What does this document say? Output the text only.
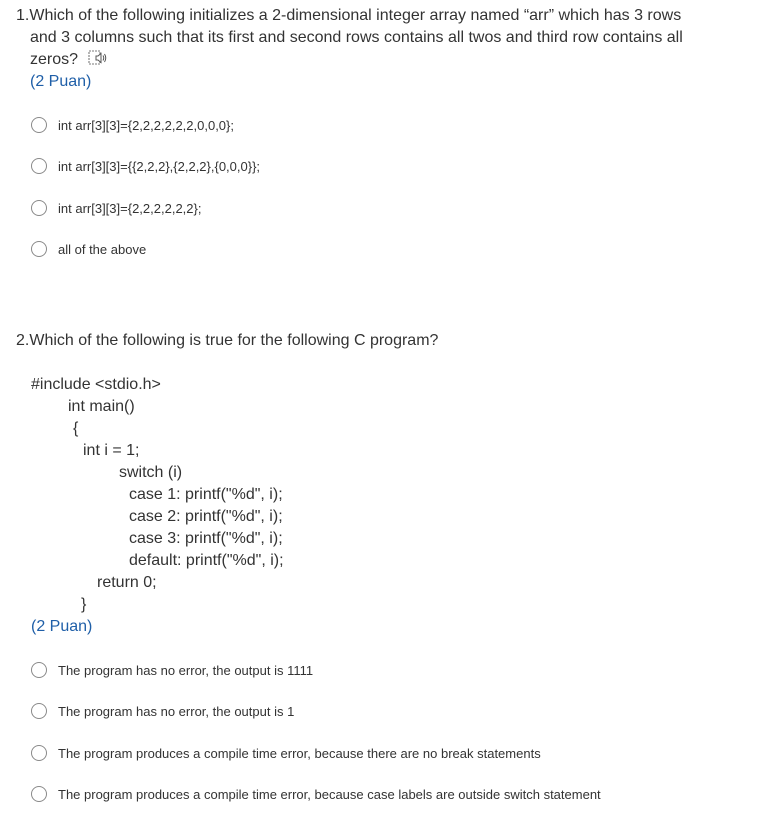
1.Which of the following initializes a 2-dimensional integer array named “arr” which has 3 rows
and 3 columns such that its first and second rows contains all twos and third row contains all
zeros?
(2 Puan)
int arr[3][3]={2,2,2,2,2,2,0,0,0};
int arr[3][3]={{2,2,2},{2,2,2},{0,0,0}};
int arr[3][3]={2,2,2,2,2,2};
all of the above
2.Which of the following is true for the following C program?
#include <stdio.h>
int main()
{
int i = 1;
switch (i)
case 1: printf("%d", i);
case 2: printf("%d", i);
case 3: printf("%d", i);
default: printf("%d", i);
return 0;
}
(2 Puan)
The program has no error, the output is 1111
The program has no error, the output is 1
The program produces a compile time error, because there are no break statements
The program produces a compile time error, because case labels are outside switch statement
